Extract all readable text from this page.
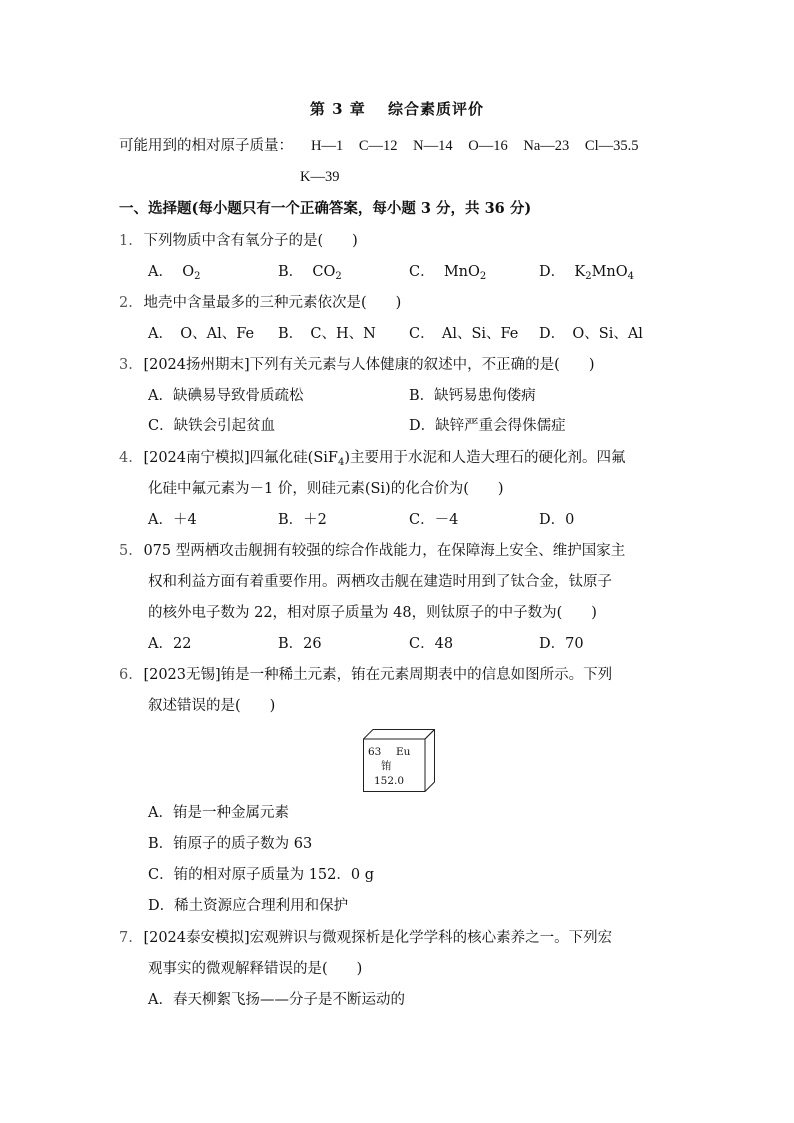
第 3 章 综合素质评价
可能用到的相对原子质量： H—1 C—12 N—14 O—16 Na—23 Cl—35.5
K—39
一、选择题(每小题只有一个正确答案，每小题 3 分，共 36 分)
1. 下列物质中含有氧分子的是(　　)
A． $O_2$	B． $CO_2$	C． MnO$_2$	D． $K_2MnO_4$
2. 地壳中含量最多的三种元素依次是(　　)
A．　O、Al、Fe B．　C、H、N C．　Al、Si、Fe D．　O、Si、Al
3. [2024扬州期末]下列有关元素与人体健康的叙述中，不正确的是(　　)
A．缺碘易导致骨质疏松	B．缺钙易患佝偻病
C．缺铁会引起贫血	D．缺锌严重会得侏儒症
4. [2024南宁模拟]四氟化硅(SiF$_4$)主要用于水泥和人造大理石的硬化剂。四氟
化硅中氟元素为－1 价，则硅元素(Si)的化合价为(　　)
A．＋4	B．＋2	C．－4	D．0
5. 075 型两栖攻击舰拥有较强的综合作战能力，在保障海上安全、维护国家主
权和利益方面有着重要作用。两栖攻击舰在建造时用到了钛合金，钛原子
的核外电子数为 22，相对原子质量为 48，则钛原子的中子数为(　　)
A．22	B．26	C．48	D．70
6. [2023无锡]铕是一种稀土元素，铕在元素周期表中的信息如图所示。下列
叙述错误的是(　　)
63 Eu
铕
152.0
A．铕是一种金属元素
B．铕原子的质子数为 63
C．铕的相对原子质量为 152．0 g
D．稀土资源应合理利用和保护
7. [2024泰安模拟]宏观辨识与微观探析是化学学科的核心素养之一。下列宏
观事实的微观解释错误的是(　　)
A．春天柳絮飞扬——分子是不断运动的
